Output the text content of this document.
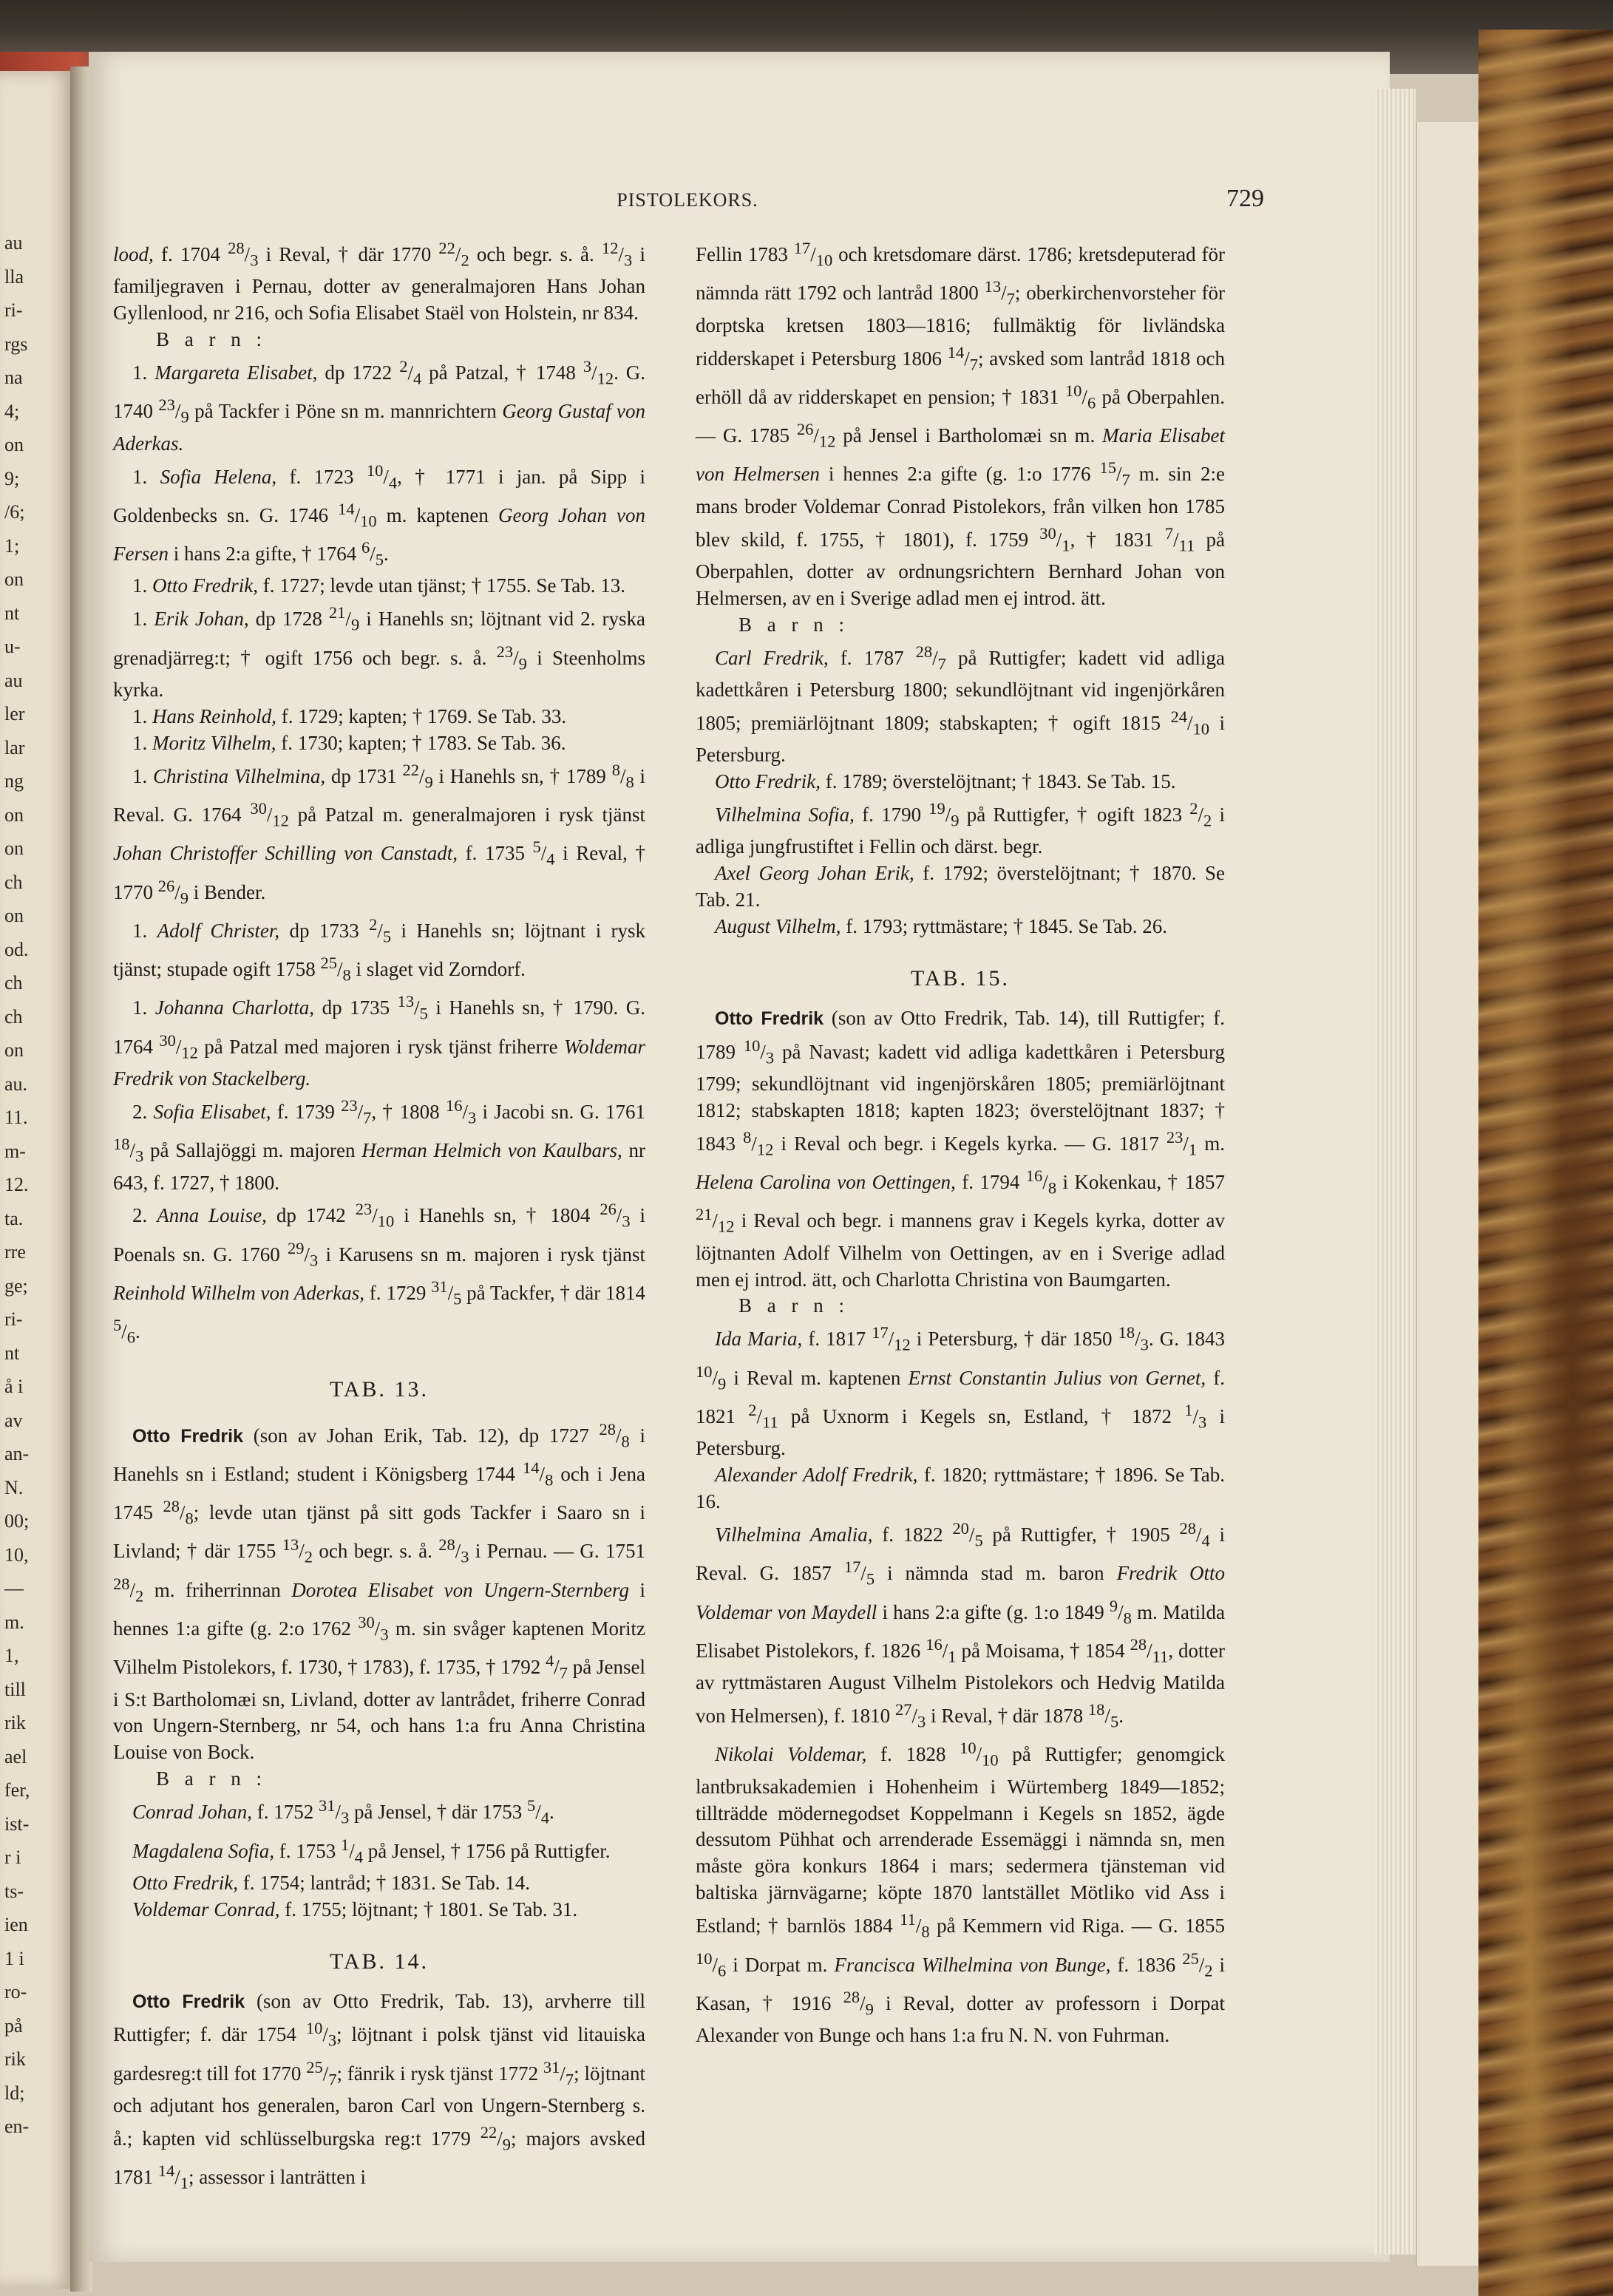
au
lla
ri-
rgs
na
4;
on
9;
/6;
1;
on
nt
u-
au
ler
lar
ng
on
on
ch
on
od.
ch
ch
on
au.
11.
m-
12.
ta.
rre
ge;
ri-
nt
å i
av
an-
N.
00;
10,
—
m.
1,
till
rik
ael
fer,
ist-
r i
ts-
ien
1 i
ro-
på
rik
ld;
en-
PISTOLEKORS.	729

lood, f. 1704 $^{28}/_3$ i Reval, † där 1770 $^{22}/_2$ och begr. s. å. $^{12}/_3$ i familjegraven i Pernau, dotter av generalmajoren Hans Johan Gyllenlood, nr 216, och Sofia Elisabet Staël von Holstein, nr 834.

B a r n :

1. Margareta Elisabet, dp 1722 $^2/_4$ på Patzal, † 1748 $^3/_{12}$. G. 1740 $^{23}/_9$ på Tackfer i Pöne sn m. mannrichtern Georg Gustaf von Aderkas.

1. Sofia Helena, f. 1723 $^{10}/_4$, † 1771 i jan. på Sipp i Goldenbecks sn. G. 1746 $^{14}/_{10}$ m. kaptenen Georg Johan von Fersen i hans 2:a gifte, † 1764 $^6/_5$.

1. Otto Fredrik, f. 1727; levde utan tjänst; † 1755. Se Tab. 13.

1. Erik Johan, dp 1728 $^{21}/_9$ i Hanehls sn; löjtnant vid 2. ryska grenadjärreg:t; † ogift 1756 och begr. s. å. $^{23}/_9$ i Steenholms kyrka.

1. Hans Reinhold, f. 1729; kapten; † 1769. Se Tab. 33.

1. Moritz Vilhelm, f. 1730; kapten; † 1783. Se Tab. 36.

1. Christina Vilhelmina, dp 1731 $^{22}/_9$ i Hanehls sn, † 1789 $^8/_8$ i Reval. G. 1764 $^{30}/_{12}$ på Patzal m. generalmajoren i rysk tjänst Johan Christoffer Schilling von Canstadt, f. 1735 $^5/_4$ i Reval, † 1770 $^{26}/_9$ i Bender.

1. Adolf Christer, dp 1733 $^2/_5$ i Hanehls sn; löjtnant i rysk tjänst; stupade ogift 1758 $^{25}/_8$ i slaget vid Zorndorf.

1. Johanna Charlotta, dp 1735 $^{13}/_5$ i Hanehls sn, † 1790. G. 1764 $^{30}/_{12}$ på Patzal med majoren i rysk tjänst friherre Woldemar Fredrik von Stackelberg.

2. Sofia Elisabet, f. 1739 $^{23}/_7$, † 1808 $^{16}/_3$ i Jacobi sn. G. 1761 $^{18}/_3$ på Sallajöggi m. majoren Herman Helmich von Kaulbars, nr 643, f. 1727, † 1800.

2. Anna Louise, dp 1742 $^{23}/_{10}$ i Hanehls sn, † 1804 $^{26}/_3$ i Poenals sn. G. 1760 $^{29}/_3$ i Karusens sn m. majoren i rysk tjänst Reinhold Wilhelm von Aderkas, f. 1729 $^{31}/_5$ på Tackfer, † där 1814 $^5/_6$.

TAB. 13.

Otto Fredrik (son av Johan Erik, Tab. 12), dp 1727 $^{28}/_8$ i Hanehls sn i Estland; student i Königsberg 1744 $^{14}/_8$ och i Jena 1745 $^{28}/_8$; levde utan tjänst på sitt gods Tackfer i Saaro sn i Livland; † där 1755 $^{13}/_2$ och begr. s. å. $^{28}/_3$ i Pernau. — G. 1751 $^{28}/_2$ m. friherrinnan Dorotea Elisabet von Ungern-Sternberg i hennes 1:a gifte (g. 2:o 1762 $^{30}/_3$ m. sin svåger kaptenen Moritz Vilhelm Pistolekors, f. 1730, † 1783), f. 1735, † 1792 $^4/_7$ på Jensel i S:t Bartholomæi sn, Livland, dotter av lantrådet, friherre Conrad von Ungern-Sternberg, nr 54, och hans 1:a fru Anna Christina Louise von Bock.

B a r n :

Conrad Johan, f. 1752 $^{31}/_3$ på Jensel, † där 1753 $^5/_4$.

Magdalena Sofia, f. 1753 $^1/_4$ på Jensel, † 1756 på Ruttigfer.

Otto Fredrik, f. 1754; lantråd; † 1831. Se Tab. 14.

Voldemar Conrad, f. 1755; löjtnant; † 1801. Se Tab. 31.

TAB. 14.

Otto Fredrik (son av Otto Fredrik, Tab. 13), arvherre till Ruttigfer; f. där 1754 $^{10}/_3$; löjtnant i polsk tjänst vid litauiska gardesreg:t till fot 1770 $^{25}/_7$; fänrik i rysk tjänst 1772 $^{31}/_7$; löjtnant och adjutant hos generalen, baron Carl von Ungern-Sternberg s. å.; kapten vid schlüsselburgska reg:t 1779 $^{22}/_9$; majors avsked 1781 $^{14}/_1$; assessor i lanträtten i

Fellin 1783 $^{17}/_{10}$ och kretsdomare därst. 1786; kretsdeputerad för nämnda rätt 1792 och lantråd 1800 $^{13}/_7$; oberkirchenvorsteher för dorptska kretsen 1803—1816; fullmäktig för livländska ridderskapet i Petersburg 1806 $^{14}/_7$; avsked som lantråd 1818 och erhöll då av ridderskapet en pension; † 1831 $^{10}/_6$ på Oberpahlen. — G. 1785 $^{26}/_{12}$ på Jensel i Bartholomæi sn m. Maria Elisabet von Helmersen i hennes 2:a gifte (g. 1:o 1776 $^{15}/_7$ m. sin 2:e mans broder Voldemar Conrad Pistolekors, från vilken hon 1785 blev skild, f. 1755, † 1801), f. 1759 $^{30}/_1$, † 1831 $^7/_{11}$ på Oberpahlen, dotter av ordnungsrichtern Bernhard Johan von Helmersen, av en i Sverige adlad men ej introd. ätt.

B a r n :

Carl Fredrik, f. 1787 $^{28}/_7$ på Ruttigfer; kadett vid adliga kadettkåren i Petersburg 1800; sekundlöjtnant vid ingenjörkåren 1805; premiärlöjtnant 1809; stabskapten; † ogift 1815 $^{24}/_{10}$ i Petersburg.

Otto Fredrik, f. 1789; överstelöjtnant; † 1843. Se Tab. 15.

Vilhelmina Sofia, f. 1790 $^{19}/_9$ på Ruttigfer, † ogift 1823 $^2/_2$ i adliga jungfrustiftet i Fellin och därst. begr.

Axel Georg Johan Erik, f. 1792; överstelöjtnant; † 1870. Se Tab. 21.

August Vilhelm, f. 1793; ryttmästare; † 1845. Se Tab. 26.

TAB. 15.

Otto Fredrik (son av Otto Fredrik, Tab. 14), till Ruttigfer; f. 1789 $^{10}/_3$ på Navast; kadett vid adliga kadettkåren i Petersburg 1799; sekundlöjtnant vid ingenjörskåren 1805; premiärlöjtnant 1812; stabskapten 1818; kapten 1823; överstelöjtnant 1837; † 1843 $^8/_{12}$ i Reval och begr. i Kegels kyrka. — G. 1817 $^{23}/_1$ m. Helena Carolina von Oettingen, f. 1794 $^{16}/_8$ i Kokenkau, † 1857 $^{21}/_{12}$ i Reval och begr. i mannens grav i Kegels kyrka, dotter av löjtnanten Adolf Vilhelm von Oettingen, av en i Sverige adlad men ej introd. ätt, och Charlotta Christina von Baumgarten.

B a r n :

Ida Maria, f. 1817 $^{17}/_{12}$ i Petersburg, † där 1850 $^{18}/_3$. G. 1843 $^{10}/_9$ i Reval m. kaptenen Ernst Constantin Julius von Gernet, f. 1821 $^2/_{11}$ på Uxnorm i Kegels sn, Estland, † 1872 $^1/_3$ i Petersburg.

Alexander Adolf Fredrik, f. 1820; ryttmästare; † 1896. Se Tab. 16.

Vilhelmina Amalia, f. 1822 $^{20}/_5$ på Ruttigfer, † 1905 $^{28}/_4$ i Reval. G. 1857 $^{17}/_5$ i nämnda stad m. baron Fredrik Otto Voldemar von Maydell i hans 2:a gifte (g. 1:o 1849 $^9/_8$ m. Matilda Elisabet Pistolekors, f. 1826 $^{16}/_1$ på Moisama, † 1854 $^{28}/_{11}$, dotter av ryttmästaren August Vilhelm Pistolekors och Hedvig Matilda von Helmersen), f. 1810 $^{27}/_3$ i Reval, † där 1878 $^{18}/_5$.

Nikolai Voldemar, f. 1828 $^{10}/_{10}$ på Ruttigfer; genomgick lantbruksakademien i Hohenheim i Würtemberg 1849—1852; tillträdde mödernegodset Koppelmann i Kegels sn 1852, ägde dessutom Pühhat och arrenderade Essemäggi i nämnda sn, men måste göra konkurs 1864 i mars; sedermera tjänsteman vid baltiska järnvägarne; köpte 1870 lantstället Mötliko vid Ass i Estland; † barnlös 1884 $^{11}/_8$ på Kemmern vid Riga. — G. 1855 $^{10}/_6$ i Dorpat m. Francisca Wilhelmina von Bunge, f. 1836 $^{25}/_2$ i Kasan, † 1916 $^{28}/_9$ i Reval, dotter av professorn i Dorpat Alexander von Bunge och hans 1:a fru N. N. von Fuhrman.
